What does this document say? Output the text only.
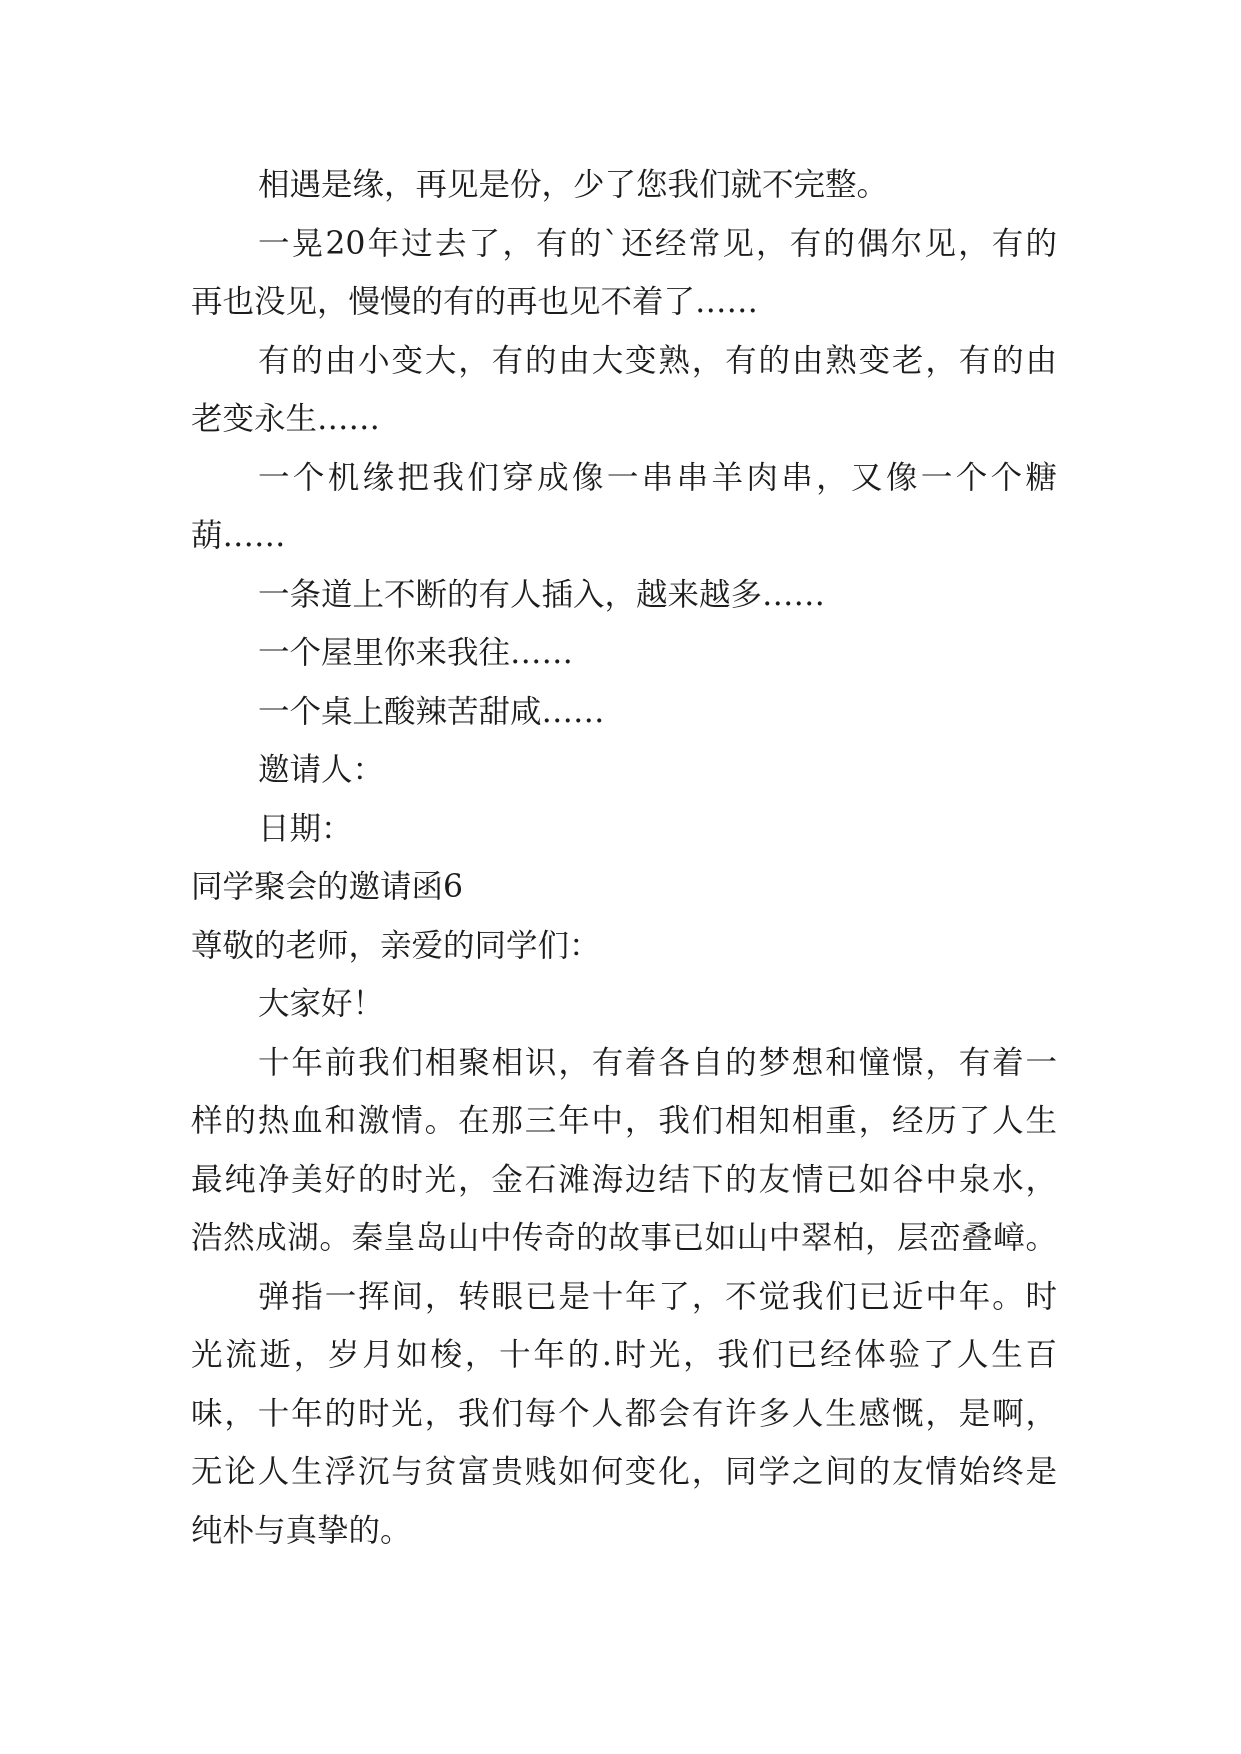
相遇是缘，再见是份，少了您我们就不完整。
一晃20年过去了，有的`还经常见，有的偶尔见，有的
再也没见，慢慢的有的再也见不着了……
有的由小变大，有的由大变熟，有的由熟变老，有的由
老变永生……
一个机缘把我们穿成像一串串羊肉串，又像一个个糖
葫……
一条道上不断的有人插入，越来越多……
一个屋里你来我往……
一个桌上酸辣苦甜咸……
邀请人：
日期：
同学聚会的邀请函6
尊敬的老师，亲爱的同学们：
大家好！
十年前我们相聚相识，有着各自的梦想和憧憬，有着一
样的热血和激情。在那三年中，我们相知相重，经历了人生
最纯净美好的时光，金石滩海边结下的友情已如谷中泉水，
浩然成湖。秦皇岛山中传奇的故事已如山中翠柏，层峦叠嶂。
弹指一挥间，转眼已是十年了，不觉我们已近中年。时
光流逝，岁月如梭，十年的.时光，我们已经体验了人生百
味，十年的时光，我们每个人都会有许多人生感慨，是啊，
无论人生浮沉与贫富贵贱如何变化，同学之间的友情始终是
纯朴与真挚的。
